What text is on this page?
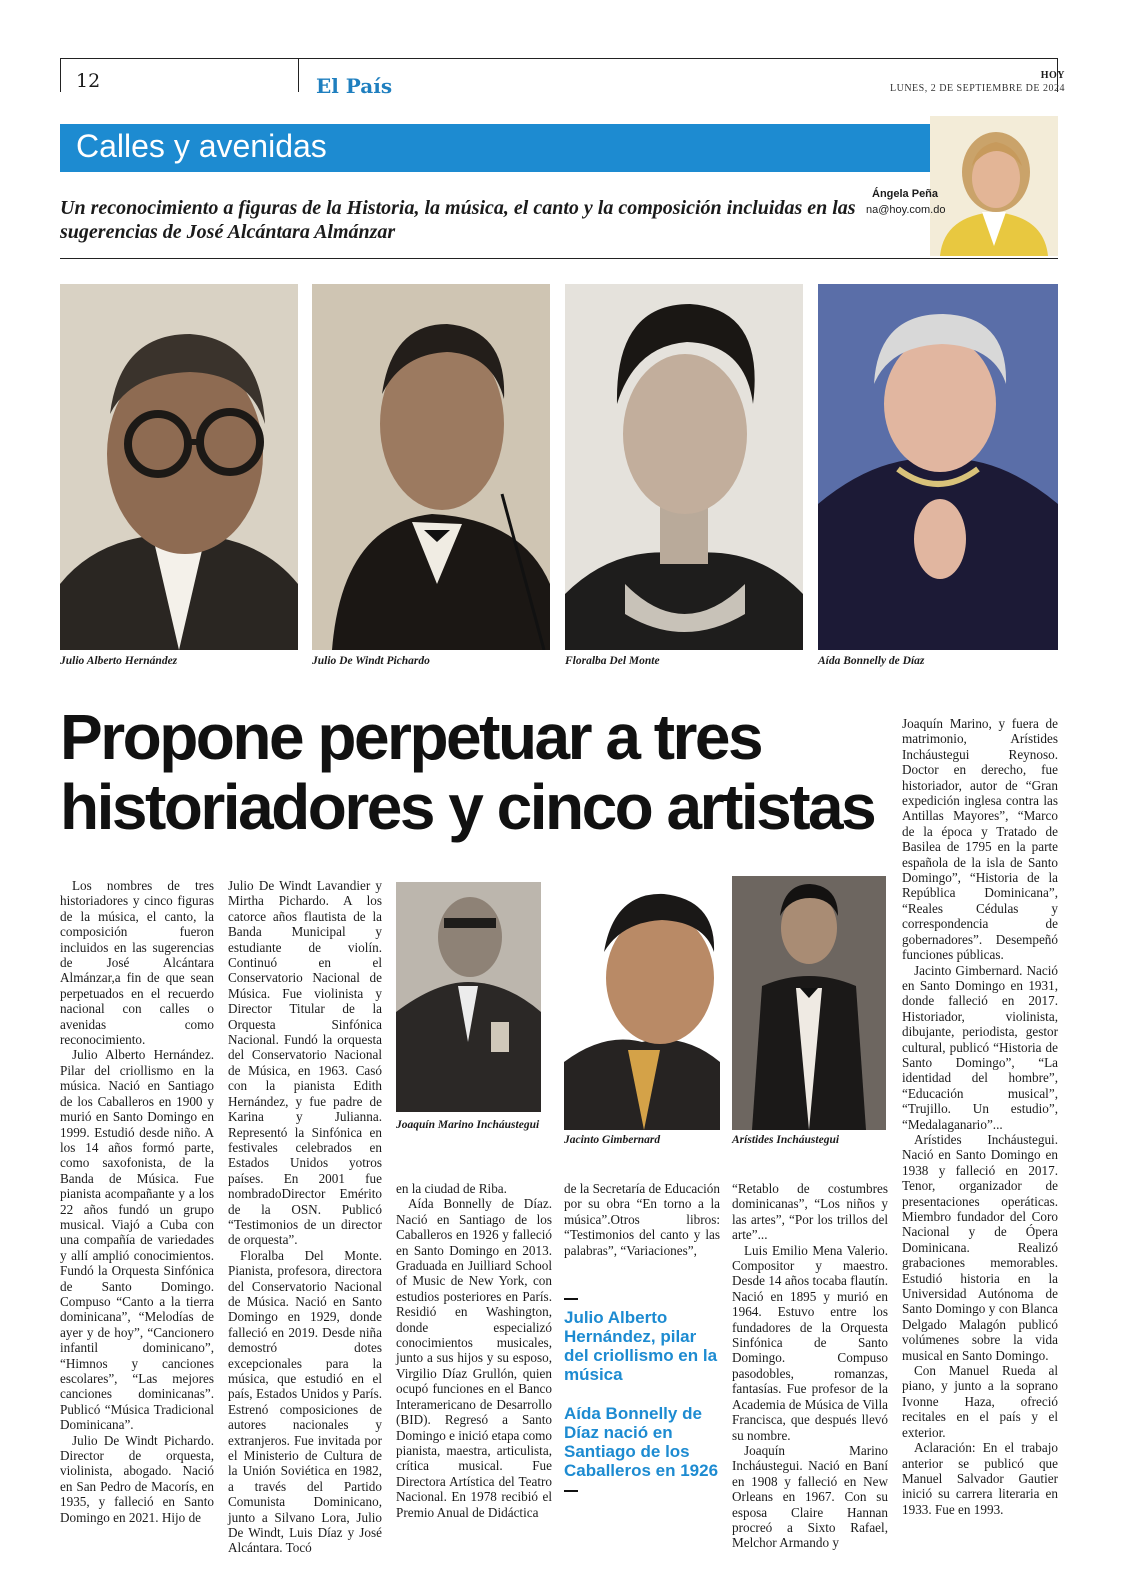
12	El País	HOY
LUNES, 2 DE SEPTIEMBRE DE 2024
Calles y avenidas
Ángela Peña
na@hoy.com.do
Un reconocimiento a figuras de la Historia, la música, el canto y la composición incluidas en las sugerencias de José Alcántara Almánzar
Julio Alberto Hernández	Julio De Windt Pichardo	Floralba Del Monte	Aída Bonnelly de Díaz
Propone perpetuar a tres historiadores y cinco artistas
Joaquín Marino Incháustegui
Jacinto Gimbernard	Arístides Incháustegui

Los nombres de tres historiadores y cinco figuras de la música, el canto, la composición fueron incluidos en las sugerencias de José Alcántara Almánzar,a fin de que sean perpetuados en el recuerdo nacional con calles o avenidas como reconocimiento.

Julio Alberto Hernández. Pilar del criollismo en la música. Nació en Santiago de los Caballeros en 1900 y murió en Santo Domingo en 1999. Estudió desde niño. A los 14 años formó parte, como saxofonista, de la Banda de Música. Fue pianista acompañante y a los 22 años fundó un grupo musical. Viajó a Cuba con una compañía de variedades y allí amplió conocimientos. Fundó la Orquesta Sinfónica de Santo Domingo. Compuso “Canto a la tierra dominicana”, “Melodías de ayer y de hoy”, “Cancionero infantil dominicano”, “Himnos y canciones escolares”, “Las mejores canciones dominicanas”. Publicó “Música Tradicional Dominicana”.

Julio De Windt Pichardo. Director de orquesta, violinista, abogado. Nació en San Pedro de Macorís, en 1935, y falleció en Santo Domingo en 2021. Hijo de

Julio De Windt Lavandier y Mirtha Pichardo. A los catorce años flautista de la Banda Municipal y estudiante de violín. Continuó en el Conservatorio Nacional de Música. Fue violinista y Director Titular de la Orquesta Sinfónica Nacional. Fundó la orquesta del Conservatorio Nacional de Música, en 1963. Casó con la pianista Edith Hernández, y fue padre de Karina y Julianna. Representó la Sinfónica en festivales celebrados en Estados Unidos yotros países. En 2001 fue nombradoDirector Emérito de la OSN. Publicó “Testimonios de un director de orquesta”.

Floralba Del Monte. Pianista, profesora, directora del Conservatorio Nacional de Música. Nació en Santo Domingo en 1929, donde falleció en 2019. Desde niña demostró dotes excepcionales para la música, que estudió en el país, Estados Unidos y París. Estrenó composiciones de autores nacionales y extranjeros. Fue invitada por el Ministerio de Cultura de la Unión Soviética en 1982, a través del Partido Comunista Dominicano, junto a Silvano Lora, Julio De Windt, Luis Díaz y José Alcántara. Tocó

en la ciudad de Riba.

Aída Bonnelly de Díaz. Nació en Santiago de los Caballeros en 1926 y falleció en Santo Domingo en 2013. Graduada en Juilliard School of Music de New York, con estudios posteriores en París. Residió en Washington, donde especializó conocimientos musicales, junto a sus hijos y su esposo, Virgilio Díaz Grullón, quien ocupó funciones en el Banco Interamericano de Desarrollo (BID). Regresó a Santo Domingo e inició etapa como pianista, maestra, articulista, crítica musical. Fue Directora Artística del Teatro Nacional. En 1978 recibió el Premio Anual de Didáctica

de la Secretaría de Educación por su obra “En torno a la música”.Otros libros: “Testimonios del canto y las palabras”, “Variaciones”,

Julio Alberto Hernández, pilar del criollismo en la música
Aída Bonnelly de Díaz nació en Santiago de los Caballeros en 1926

“Retablo de costumbres dominicanas”, “Los niños y las artes”, “Por los trillos del arte”...

Luis Emilio Mena Valerio. Compositor y maestro. Desde 14 años tocaba flautín. Nació en 1895 y murió en 1964. Estuvo entre los fundadores de la Orquesta Sinfónica de Santo Domingo. Compuso pasodobles, romanzas, fantasías. Fue profesor de la Academia de Música de Villa Francisca, que después llevó su nombre.

Joaquín Marino Incháustegui. Nació en Baní en 1908 y falleció en New Orleans en 1967. Con su esposa Claire Hannan procreó a Sixto Rafael, Melchor Armando y

Joaquín Marino, y fuera de matrimonio, Arístides Incháustegui Reynoso. Doctor en derecho, fue historiador, autor de “Gran expedición inglesa contra las Antillas Mayores”, “Marco de la época y Tratado de Basilea de 1795 en la parte española de la isla de Santo Domingo”, “Historia de la República Dominicana”, “Reales Cédulas y correspondencia de gobernadores”. Desempeñó funciones públicas.

Jacinto Gimbernard. Nació en Santo Domingo en 1931, donde falleció en 2017. Historiador, violinista, dibujante, periodista, gestor cultural, publicó “Historia de Santo Domingo”, “La identidad del hombre”, “Educación musical”, “Trujillo. Un estudio”, “Medalaganario”...

Arístides Incháustegui. Nació en Santo Domingo en 1938 y falleció en 2017. Tenor, organizador de presentaciones operáticas. Miembro fundador del Coro Nacional y de Ópera Dominicana. Realizó grabaciones memorables. Estudió historia en la Universidad Autónoma de Santo Domingo y con Blanca Delgado Malagón publicó volúmenes sobre la vida musical en Santo Domingo.

Con Manuel Rueda al piano, y junto a la soprano Ivonne Haza, ofreció recitales en el país y el exterior.

Aclaración: En el trabajo anterior se publicó que Manuel Salvador Gautier inició su carrera literaria en 1933. Fue en 1993.
